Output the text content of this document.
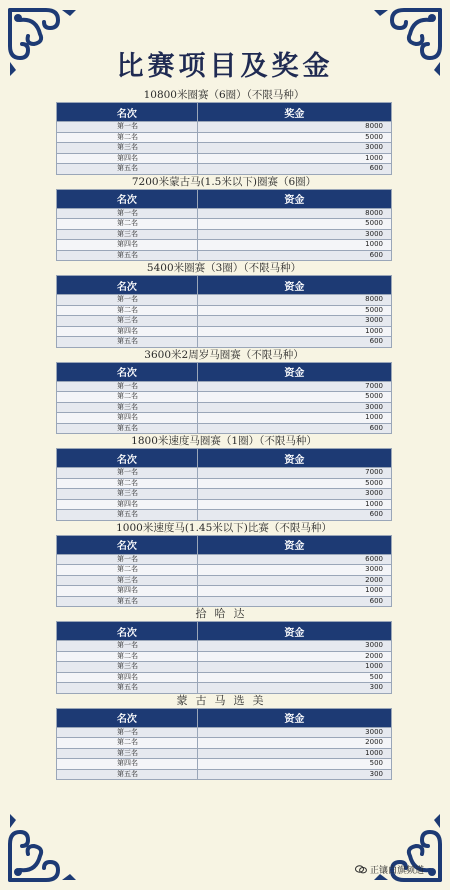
比赛项目及奖金
10800米圈赛（6圈）（不限马种）
名次	奖金
第一名	8000
第二名	5000
第三名	3000
第四名	1000
第五名	600
7200米蒙古马(1.5米以下)圈赛（6圈）
名次	资金
第一名	8000
第二名	5000
第三名	3000
第四名	1000
第五名	600
5400米圈赛（3圈）（不限马种）
名次	资金
第一名	8000
第二名	5000
第三名	3000
第四名	1000
第五名	600
3600米2周岁马圈赛（不限马种）
名次	资金
第一名	7000
第二名	5000
第三名	3000
第四名	1000
第五名	600
1800米速度马圈赛（1圈）（不限马种）
名次	资金
第一名	7000
第二名	5000
第三名	3000
第四名	1000
第五名	600
1000米速度马(1.45米以下)比赛（不限马种）
名次	资金
第一名	6000
第二名	3000
第三名	2000
第四名	1000
第五名	600
拾哈达
名次	资金
第一名	3000
第二名	2000
第三名	1000
第四名	500
第五名	300
蒙古马选美
名次	资金
第一名	3000
第二名	2000
第三名	1000
第四名	500
第五名	300
正镶白旗频道
